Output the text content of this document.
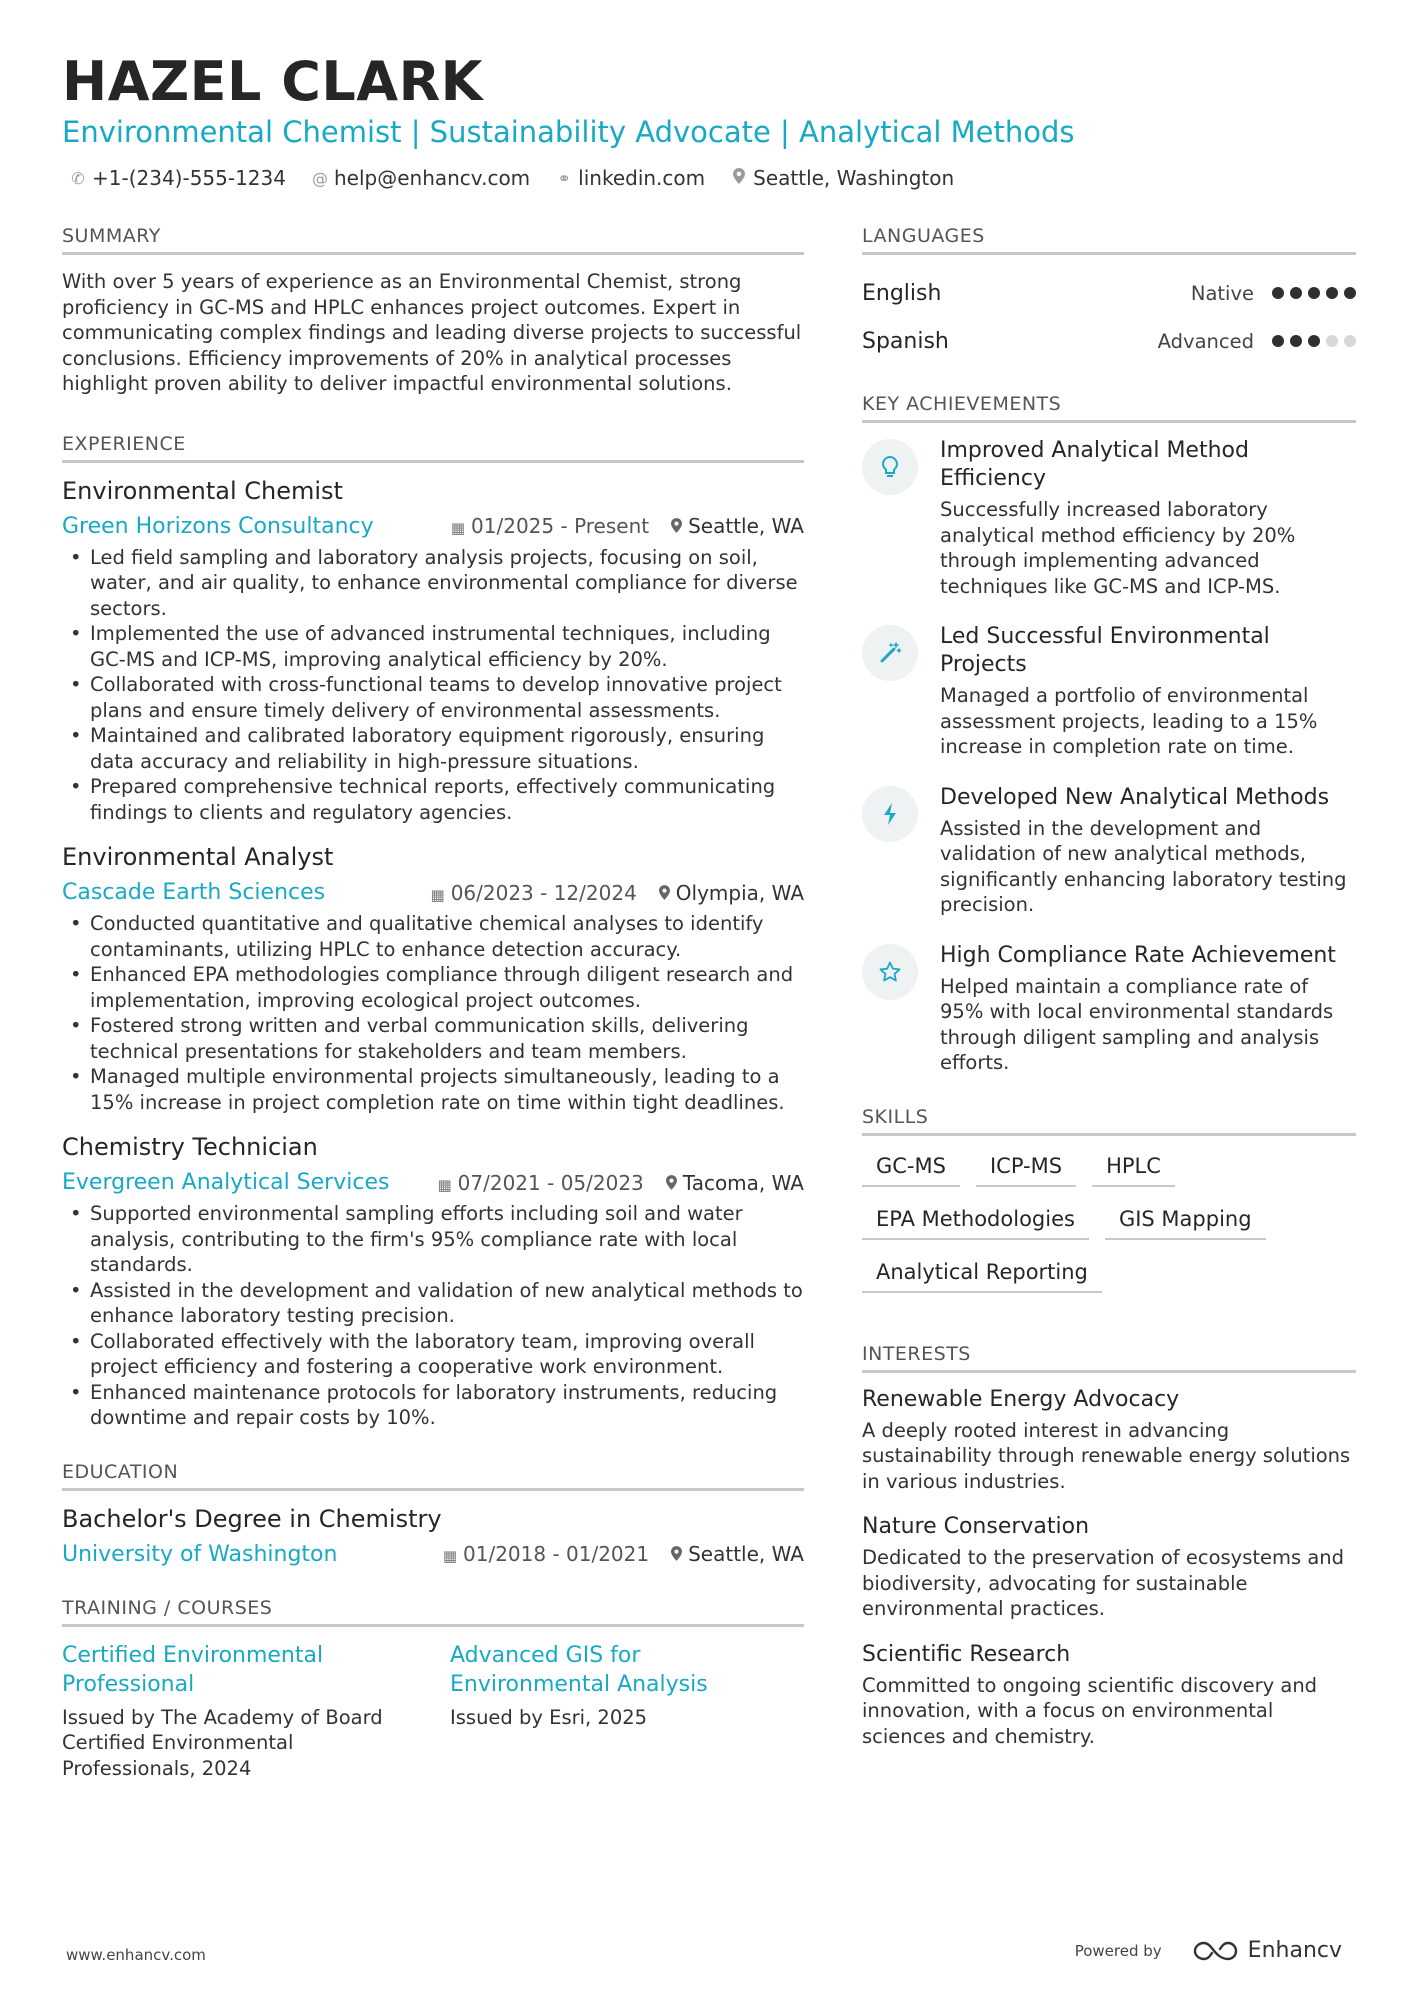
HAZEL CLARK
Environmental Chemist | Sustainability Advocate | Analytical Methods
✆ +1-(234)-555-1234 @ help@enhancv.com ⚭ linkedin.com Seattle, Washington
SUMMARY

With over 5 years of experience as an Environmental Chemist, strong proficiency in GC-MS and HPLC enhances project outcomes. Expert in communicating complex findings and leading diverse projects to successful conclusions. Efficiency improvements of 20% in analytical processes highlight proven ability to deliver impactful environmental solutions.

EXPERIENCE
Environmental Chemist
Green Horizons Consultancy	▦ 01/2025 - Present	Seattle, WA
• Led field sampling and laboratory analysis projects, focusing on soil, water, and air quality, to enhance environmental compliance for diverse sectors.
• Implemented the use of advanced instrumental techniques, including GC-MS and ICP-MS, improving analytical efficiency by 20%.
• Collaborated with cross-functional teams to develop innovative project plans and ensure timely delivery of environmental assessments.
• Maintained and calibrated laboratory equipment rigorously, ensuring data accuracy and reliability in high-pressure situations.
• Prepared comprehensive technical reports, effectively communicating findings to clients and regulatory agencies.
Environmental Analyst
Cascade Earth Sciences	▦ 06/2023 - 12/2024	Olympia, WA
• Conducted quantitative and qualitative chemical analyses to identify contaminants, utilizing HPLC to enhance detection accuracy.
• Enhanced EPA methodologies compliance through diligent research and implementation, improving ecological project outcomes.
• Fostered strong written and verbal communication skills, delivering technical presentations for stakeholders and team members.
• Managed multiple environmental projects simultaneously, leading to a 15% increase in project completion rate on time within tight deadlines.
Chemistry Technician
Evergreen Analytical Services	▦ 07/2021 - 05/2023	Tacoma, WA
• Supported environmental sampling efforts including soil and water analysis, contributing to the firm's 95% compliance rate with local standards.
• Assisted in the development and validation of new analytical methods to enhance laboratory testing precision.
• Collaborated effectively with the laboratory team, improving overall project efficiency and fostering a cooperative work environment.
• Enhanced maintenance protocols for laboratory instruments, reducing downtime and repair costs by 10%.
EDUCATION
Bachelor's Degree in Chemistry
University of Washington	▦ 01/2018 - 01/2021	Seattle, WA
TRAINING / COURSES
Certified Environmental Professional
Issued by The Academy of Board Certified Environmental Professionals, 2024
Advanced GIS for Environmental Analysis
Issued by Esri, 2025
LANGUAGES
English	Native
Spanish	Advanced
KEY ACHIEVEMENTS
Improved Analytical Method Efficiency
Successfully increased laboratory analytical method efficiency by 20% through implementing advanced techniques like GC-MS and ICP-MS.
Led Successful Environmental Projects
Managed a portfolio of environmental assessment projects, leading to a 15% increase in completion rate on time.
Developed New Analytical Methods
Assisted in the development and validation of new analytical methods, significantly enhancing laboratory testing precision.
High Compliance Rate Achievement
Helped maintain a compliance rate of 95% with local environmental standards through diligent sampling and analysis efforts.
SKILLS
GC-MS	ICP-MS	HPLC
EPA Methodologies	GIS Mapping
Analytical Reporting
INTERESTS
Renewable Energy Advocacy
A deeply rooted interest in advancing sustainability through renewable energy solutions in various industries.
Nature Conservation
Dedicated to the preservation of ecosystems and biodiversity, advocating for sustainable environmental practices.
Scientific Research
Committed to ongoing scientific discovery and innovation, with a focus on environmental sciences and chemistry.
www.enhancv.com	Powered by	Enhancv
